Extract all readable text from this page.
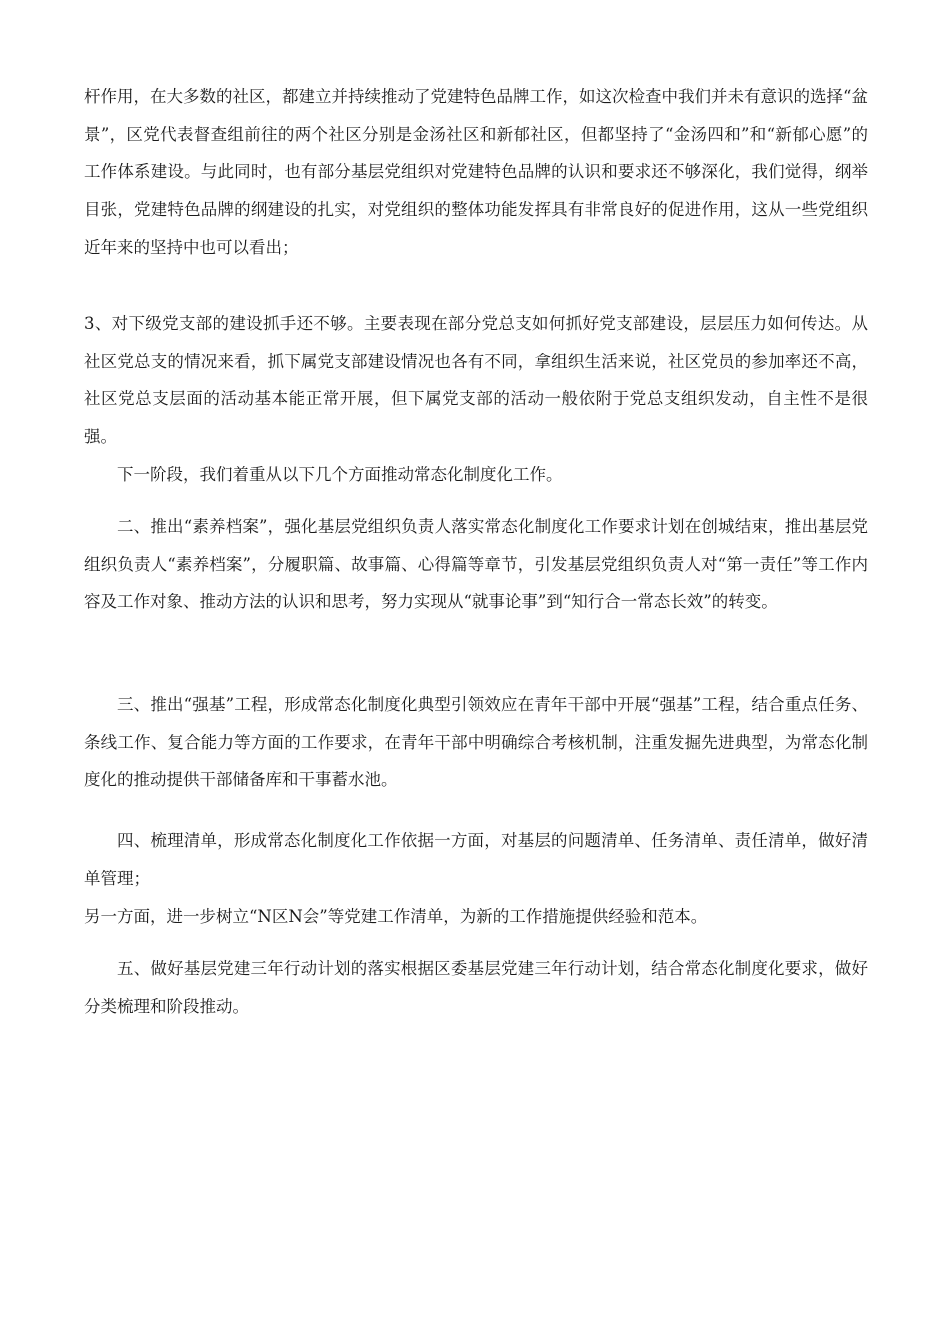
杆作用，在大多数的社区，都建立并持续推动了党建特色品牌工作，如这次检查中我们并未有意识的选择“盆景”，区党代表督查组前往的两个社区分别是金汤社区和新郁社区，但都坚持了“金汤四和”和“新郁心愿”的工作体系建设。与此同时，也有部分基层党组织对党建特色品牌的认识和要求还不够深化，我们觉得，纲举目张，党建特色品牌的纲建设的扎实，对党组织的整体功能发挥具有非常良好的促进作用，这从一些党组织近年来的坚持中也可以看出；

3、对下级党支部的建设抓手还不够。主要表现在部分党总支如何抓好党支部建设，层层压力如何传达。从社区党总支的情况来看，抓下属党支部建设情况也各有不同，拿组织生活来说，社区党员的参加率还不高，社区党总支层面的活动基本能正常开展，但下属党支部的活动一般依附于党总支组织发动，自主性不是很强。

下一阶段，我们着重从以下几个方面推动常态化制度化工作。

二、推出“素养档案”，强化基层党组织负责人落实常态化制度化工作要求计划在创城结束，推出基层党组织负责人“素养档案”，分履职篇、故事篇、心得篇等章节，引发基层党组织负责人对“第一责任”等工作内容及工作对象、推动方法的认识和思考，努力实现从“就事论事”到“知行合一常态长效”的转变。

三、推出“强基”工程，形成常态化制度化典型引领效应在青年干部中开展“强基”工程，结合重点任务、条线工作、复合能力等方面的工作要求，在青年干部中明确综合考核机制，注重发掘先进典型，为常态化制度化的推动提供干部储备库和干事蓄水池。

四、梳理清单，形成常态化制度化工作依据一方面，对基层的问题清单、任务清单、责任清单，做好清单管理；

另一方面，进一步树立“N区N会”等党建工作清单，为新的工作措施提供经验和范本。

五、做好基层党建三年行动计划的落实根据区委基层党建三年行动计划，结合常态化制度化要求，做好分类梳理和阶段推动。
